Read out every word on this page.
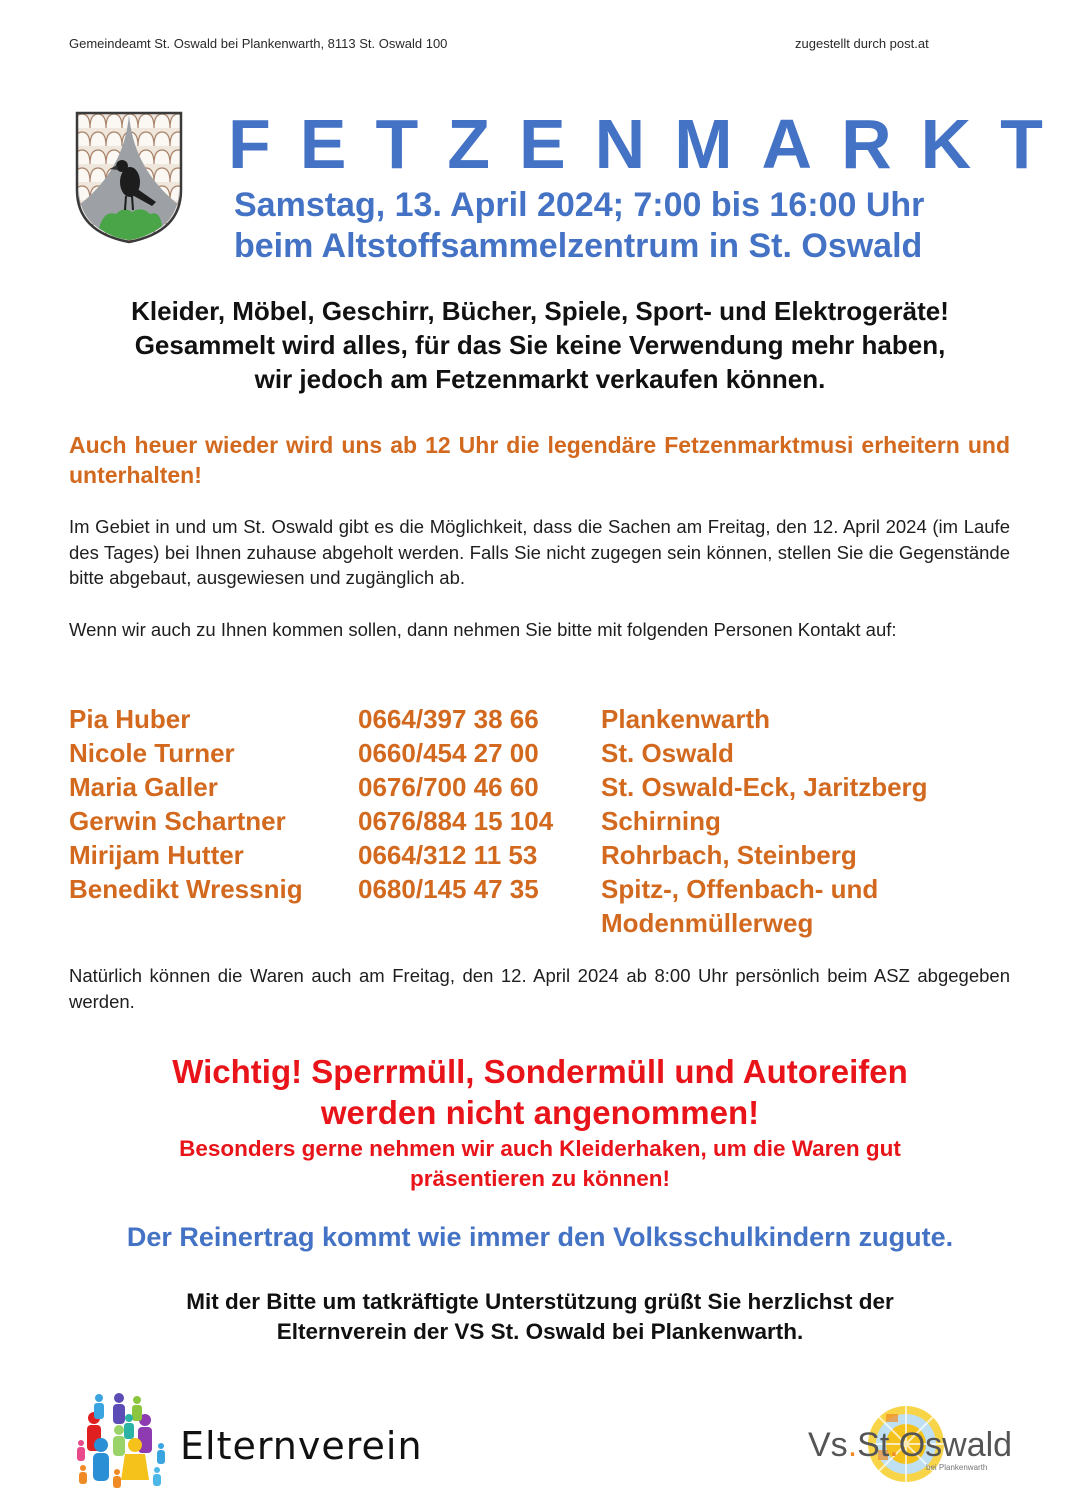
Gemeindeamt St. Oswald bei Plankenwarth, 8113 St. Oswald 100	zugestellt durch post.at
FETZENMARKT
Samstag, 13. April 2024; 7:00 bis 16:00 Uhr
beim Altstoffsammelzentrum in St. Oswald
Kleider, Möbel, Geschirr, Bücher, Spiele, Sport- und Elektrogeräte!
Gesammelt wird alles, für das Sie keine Verwendung mehr haben,
wir jedoch am Fetzenmarkt verkaufen können.
Auch heuer wieder wird uns ab 12 Uhr die legendäre Fetzenmarktmusi erheitern und unterhalten!
Im Gebiet in und um St. Oswald gibt es die Möglichkeit, dass die Sachen am Freitag, den 12. April 2024 (im Laufe des Tages) bei Ihnen zuhause abgeholt werden. Falls Sie nicht zugegen sein können, stellen Sie die Gegenstände bitte abgebaut, ausgewiesen und zugänglich ab.
Wenn wir auch zu Ihnen kommen sollen, dann nehmen Sie bitte mit folgenden Personen Kontakt auf:
Pia Huber	0664/397 38 66	Plankenwarth
Nicole Turner	0660/454 27 00	St. Oswald
Maria Galler	0676/700 46 60	St. Oswald-Eck, Jaritzberg
Gerwin Schartner	0676/884 15 104	Schirning
Mirijam Hutter	0664/312 11 53	Rohrbach, Steinberg
Benedikt Wressnig	0680/145 47 35	Spitz-, Offenbach- und Modenmüllerweg
Natürlich können die Waren auch am Freitag, den 12. April 2024 ab 8:00 Uhr persönlich beim ASZ abgegeben werden.
Wichtig! Sperrmüll, Sondermüll und Autoreifen
werden nicht angenommen!
Besonders gerne nehmen wir auch Kleiderhaken, um die Waren gut
präsentieren zu können!
Der Reinertrag kommt wie immer den Volksschulkindern zugute.
Mit der Bitte um tatkräftigte Unterstützung grüßt Sie herzlichst der
Elternverein der VS St. Oswald bei Plankenwarth.
Elternverein	Vs.St.Oswald
bei Plankenwarth
